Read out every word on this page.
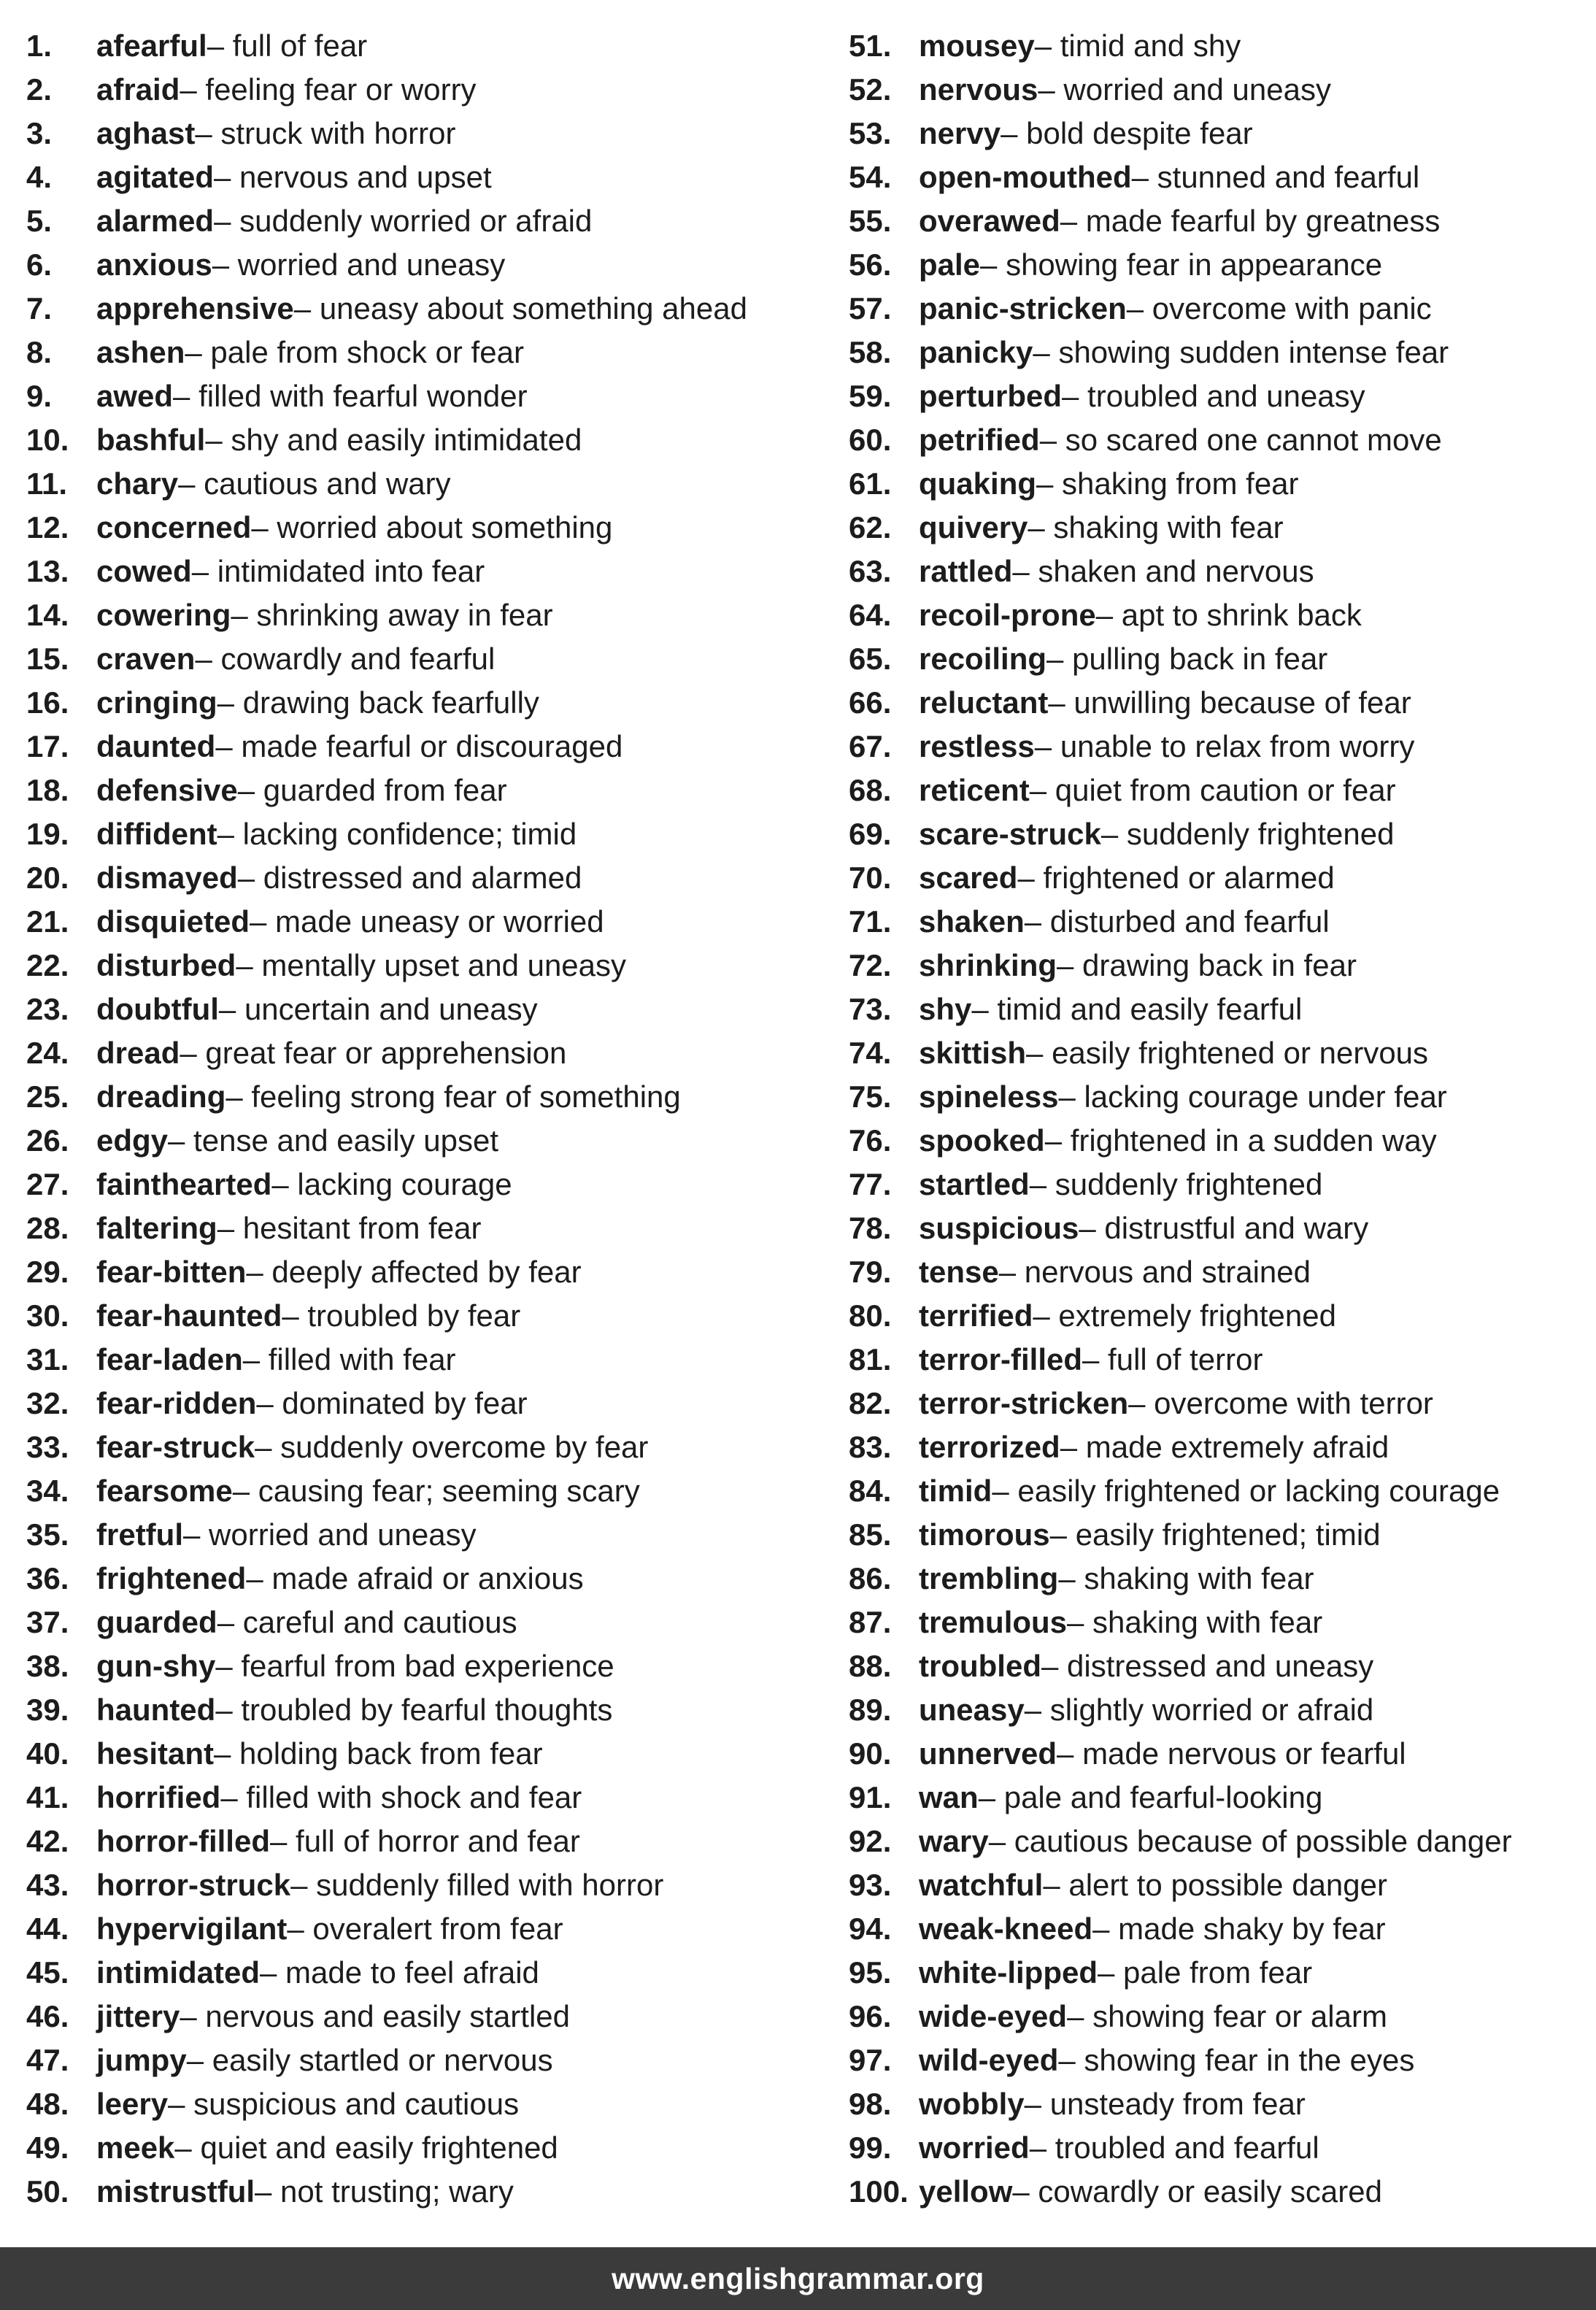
1.	afearful – full of fear
2.	afraid – feeling fear or worry
3.	aghast – struck with horror
4.	agitated – nervous and upset
5.	alarmed – suddenly worried or afraid
6.	anxious – worried and uneasy
7.	apprehensive – uneasy about something ahead
8.	ashen – pale from shock or fear
9.	awed – filled with fearful wonder
10. bashful – shy and easily intimidated
11. chary – cautious and wary
12. concerned – worried about something
13. cowed – intimidated into fear
14. cowering – shrinking away in fear
15. craven – cowardly and fearful
16. cringing – drawing back fearfully
17. daunted – made fearful or discouraged
18. defensive – guarded from fear
19. diffident – lacking confidence; timid
20. dismayed – distressed and alarmed
21. disquieted – made uneasy or worried
22. disturbed – mentally upset and uneasy
23. doubtful – uncertain and uneasy
24. dread – great fear or apprehension
25. dreading – feeling strong fear of something
26. edgy – tense and easily upset
27. fainthearted – lacking courage
28. faltering – hesitant from fear
29. fear-bitten – deeply affected by fear
30. fear-haunted – troubled by fear
31. fear-laden – filled with fear
32. fear-ridden – dominated by fear
33. fear-struck – suddenly overcome by fear
34. fearsome – causing fear; seeming scary
35. fretful – worried and uneasy
36. frightened – made afraid or anxious
37. guarded – careful and cautious
38. gun-shy – fearful from bad experience
39. haunted – troubled by fearful thoughts
40. hesitant – holding back from fear
41. horrified – filled with shock and fear
42. horror-filled – full of horror and fear
43. horror-struck – suddenly filled with horror
44. hypervigilant – overalert from fear
45. intimidated – made to feel afraid
46. jittery – nervous and easily startled
47. jumpy – easily startled or nervous
48. leery – suspicious and cautious
49. meek – quiet and easily frightened
50. mistrustful – not trusting; wary
51. mousey – timid and shy
52. nervous – worried and uneasy
53. nervy – bold despite fear
54. open-mouthed – stunned and fearful
55. overawed – made fearful by greatness
56. pale – showing fear in appearance
57. panic-stricken – overcome with panic
58. panicky – showing sudden intense fear
59. perturbed – troubled and uneasy
60. petrified – so scared one cannot move
61. quaking – shaking from fear
62. quivery – shaking with fear
63. rattled – shaken and nervous
64. recoil-prone – apt to shrink back
65. recoiling – pulling back in fear
66. reluctant – unwilling because of fear
67. restless – unable to relax from worry
68. reticent – quiet from caution or fear
69. scare-struck – suddenly frightened
70. scared – frightened or alarmed
71. shaken – disturbed and fearful
72. shrinking – drawing back in fear
73. shy – timid and easily fearful
74. skittish – easily frightened or nervous
75. spineless – lacking courage under fear
76. spooked – frightened in a sudden way
77. startled – suddenly frightened
78. suspicious – distrustful and wary
79. tense – nervous and strained
80. terrified – extremely frightened
81. terror-filled – full of terror
82. terror-stricken – overcome with terror
83. terrorized – made extremely afraid
84. timid – easily frightened or lacking courage
85. timorous – easily frightened; timid
86. trembling – shaking with fear
87. tremulous – shaking with fear
88. troubled – distressed and uneasy
89. uneasy – slightly worried or afraid
90. unnerved – made nervous or fearful
91. wan – pale and fearful-looking
92. wary – cautious because of possible danger
93. watchful – alert to possible danger
94. weak-kneed – made shaky by fear
95. white-lipped – pale from fear
96. wide-eyed – showing fear or alarm
97. wild-eyed – showing fear in the eyes
98. wobbly – unsteady from fear
99. worried – troubled and fearful
100. yellow – cowardly or easily scared
www.englishgrammar.org
